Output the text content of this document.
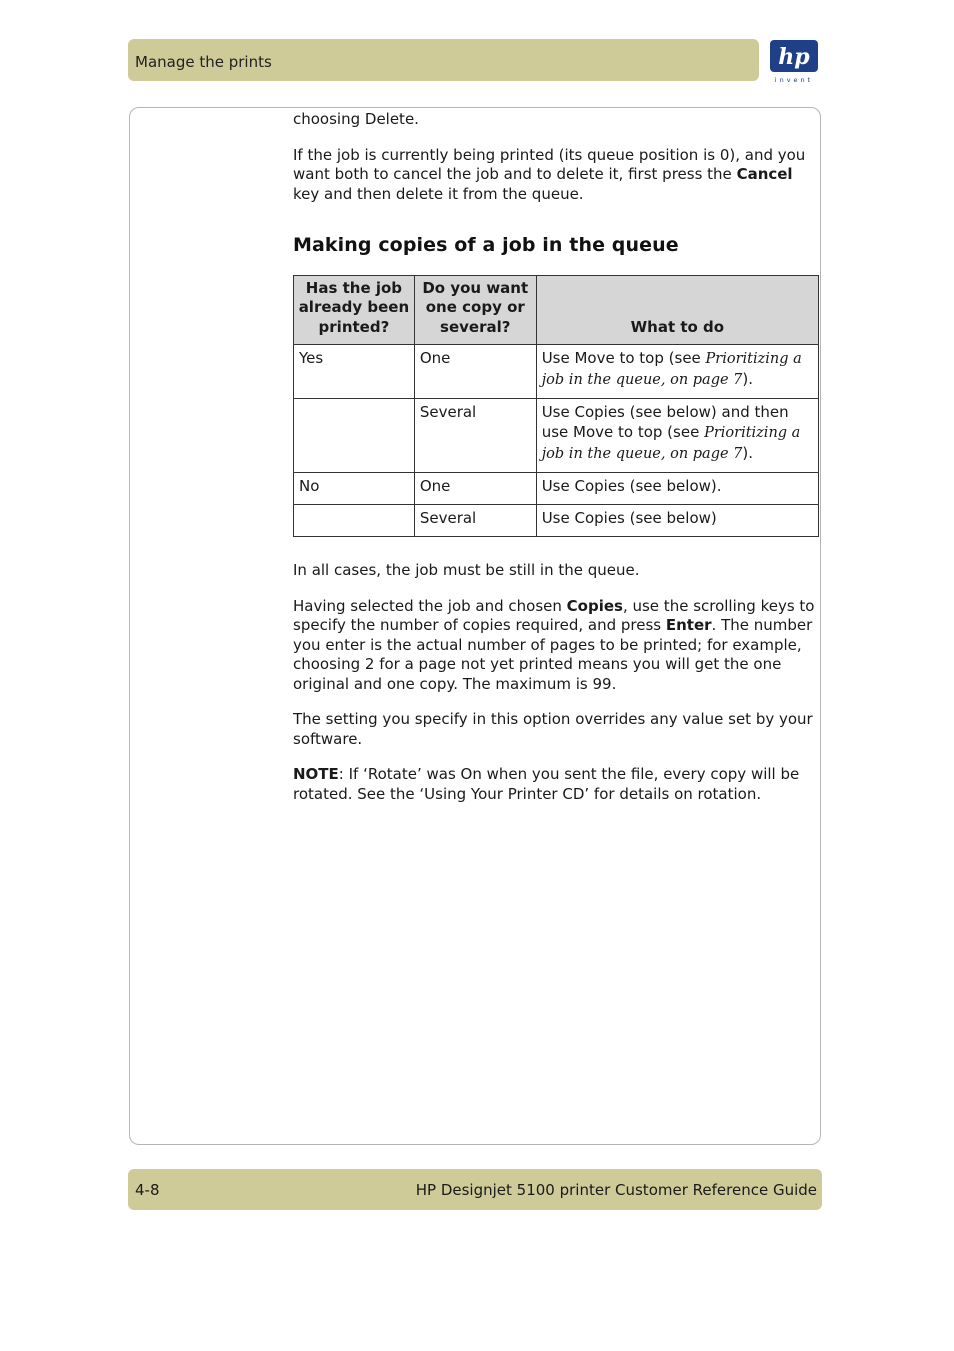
Manage the prints	hp
invent

choosing Delete.

If the job is currently being printed (its queue position is 0), and you want both to cancel the job and to delete it, first press the Cancel key and then delete it from the queue.

Making copies of a job in the queue
Has the job already been printed?	Do you want one copy or several?	What to do
Yes	One	Use Move to top (see Prioritizing a job in the queue, on page 7).
	Several	Use Copies (see below) and then use Move to top (see Prioritizing a job in the queue, on page 7).
No	One	Use Copies (see below).
	Several	Use Copies (see below)

In all cases, the job must be still in the queue.

Having selected the job and chosen Copies, use the scrolling keys to specify the number of copies required, and press Enter. The number you enter is the actual number of pages to be printed; for example, choosing 2 for a page not yet printed means you will get the one original and one copy. The maximum is 99.

The setting you specify in this option overrides any value set by your software.

NOTE: If ‘Rotate’ was On when you sent the file, every copy will be rotated. See the ‘Using Your Printer CD’ for details on rotation.

4-8	HP Designjet 5100 printer Customer Reference Guide
